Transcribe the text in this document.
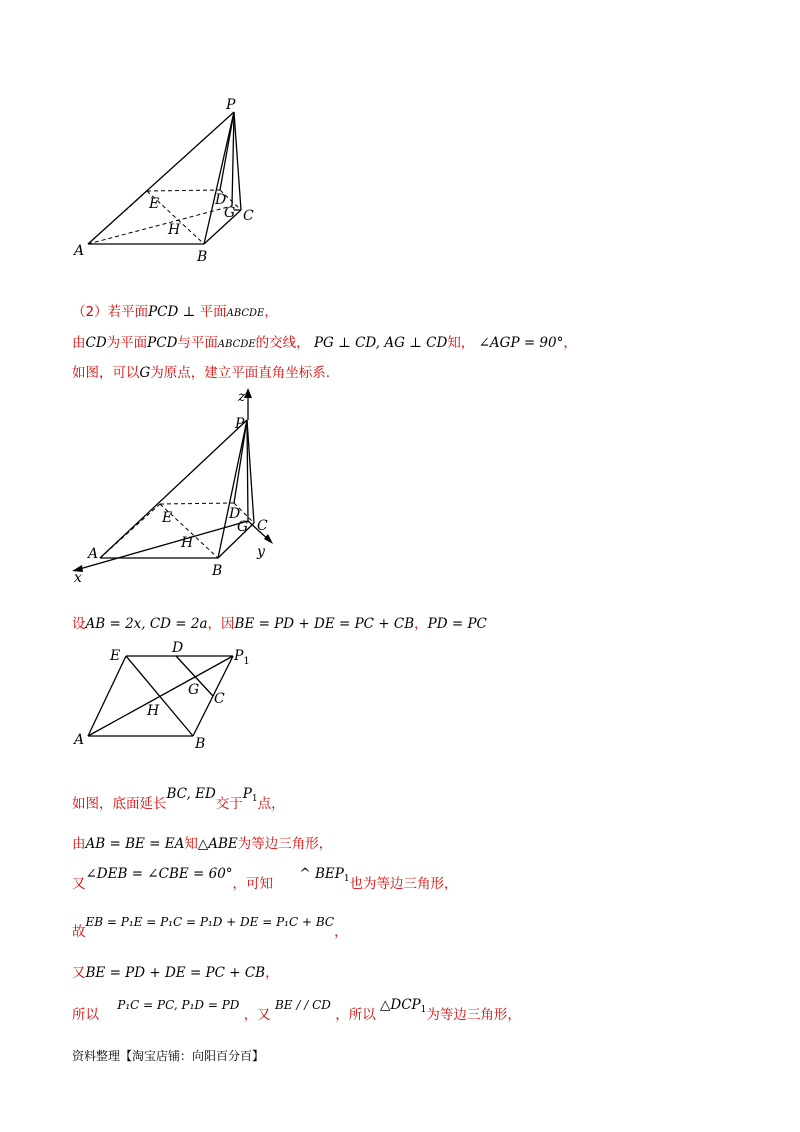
P
A	B
C
D
E
G
H
z
P
A
B
C
D
E
G
H
x
y
E	D	$P_1$
G
C
H
A	B
（2）若平面PCD ⊥ 平面ABCDE，
由CD为平面PCD与平面ABCDE的交线， PG ⊥ CD, AG ⊥ CD知， ∠AGP = 90°，
如图，可以G为原点，建立平面直角坐标系.
设AB = 2x, CD = 2a，因BE = PD + DE = PC + CB，PD = PC
如图，底面延长BC, ED交于$P_1$点，
由AB = BE = EA知△ABE为等边三角形，
又∠DEB = ∠CBE = 60°，可知 ^ $BEP_1$也为等边三角形，
故EB = P₁E = P₁C = P₁D + DE = P₁C + BC，
又BE = PD + DE = PC + CB，
所以 P₁C = PC, P₁D = PD ，又 BE / / CD ，所以 $\triangle DCP_1$为等边三角形，
资料整理【淘宝店铺：向阳百分百】
